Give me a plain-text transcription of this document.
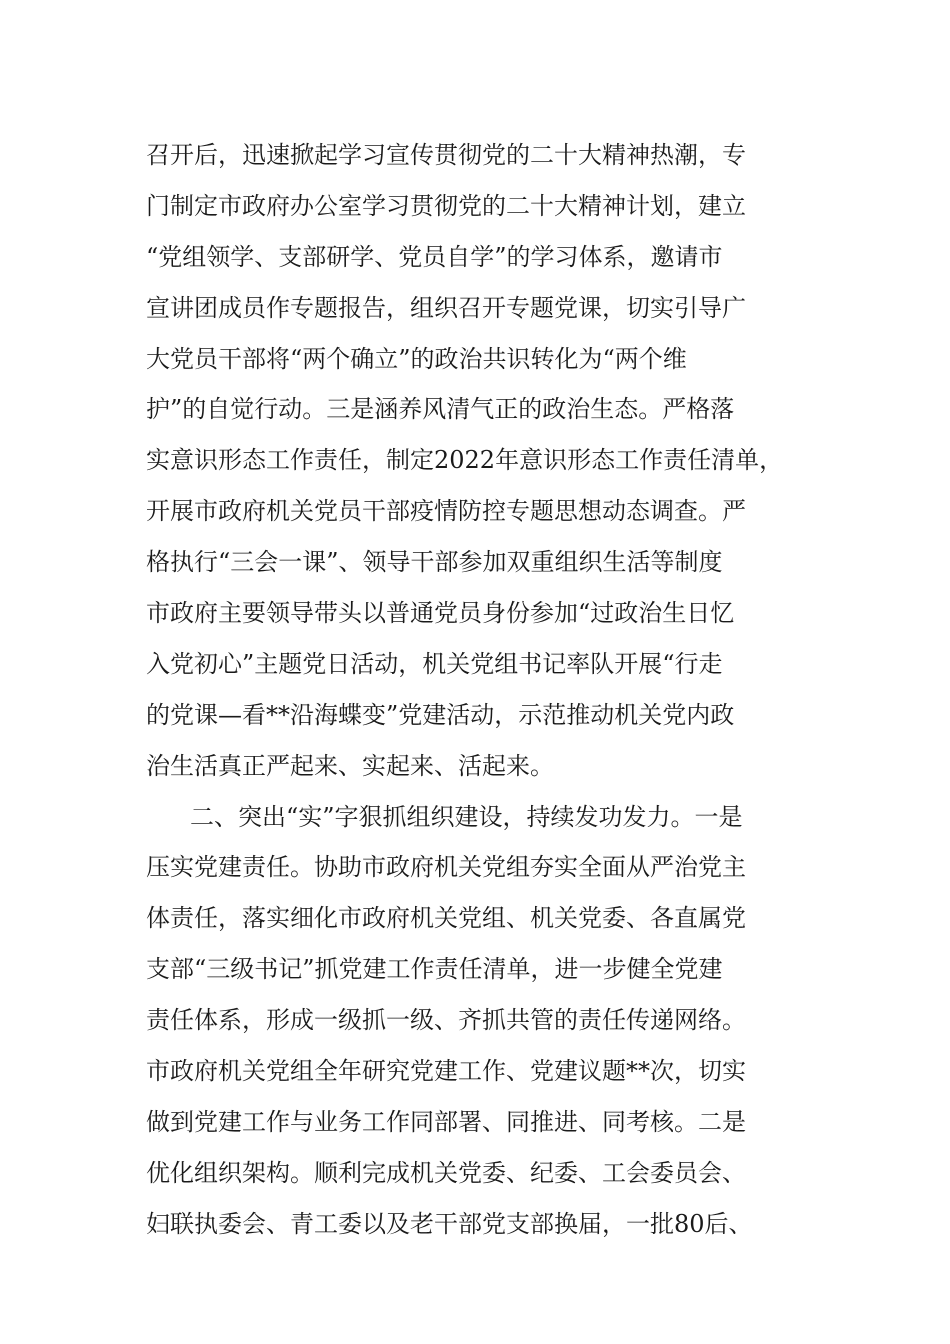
召开后，迅速掀起学习宣传贯彻党的二十大精神热潮，专
门制定市政府办公室学习贯彻党的二十大精神计划，建立
“党组领学、支部研学、党员自学”的学习体系，邀请市
宣讲团成员作专题报告，组织召开专题党课，切实引导广
大党员干部将“两个确立”的政治共识转化为“两个维
护”的自觉行动。三是涵养风清气正的政治生态。严格落
实意识形态工作责任，制定2022年意识形态工作责任清单，
开展市政府机关党员干部疫情防控专题思想动态调查。严
格执行“三会一课”、领导干部参加双重组织生活等制度
市政府主要领导带头以普通党员身份参加“过政治生日忆
入党初心”主题党日活动，机关党组书记率队开展“行走
的党课—看**沿海蝶变”党建活动，示范推动机关党内政
治生活真正严起来、实起来、活起来。
二、突出“实”字狠抓组织建设，持续发功发力。一是
压实党建责任。协助市政府机关党组夯实全面从严治党主
体责任，落实细化市政府机关党组、机关党委、各直属党
支部“三级书记”抓党建工作责任清单，进一步健全党建
责任体系，形成一级抓一级、齐抓共管的责任传递网络。
市政府机关党组全年研究党建工作、党建议题**次，切实
做到党建工作与业务工作同部署、同推进、同考核。二是
优化组织架构。顺利完成机关党委、纪委、工会委员会、
妇联执委会、青工委以及老干部党支部换届，一批80后、
